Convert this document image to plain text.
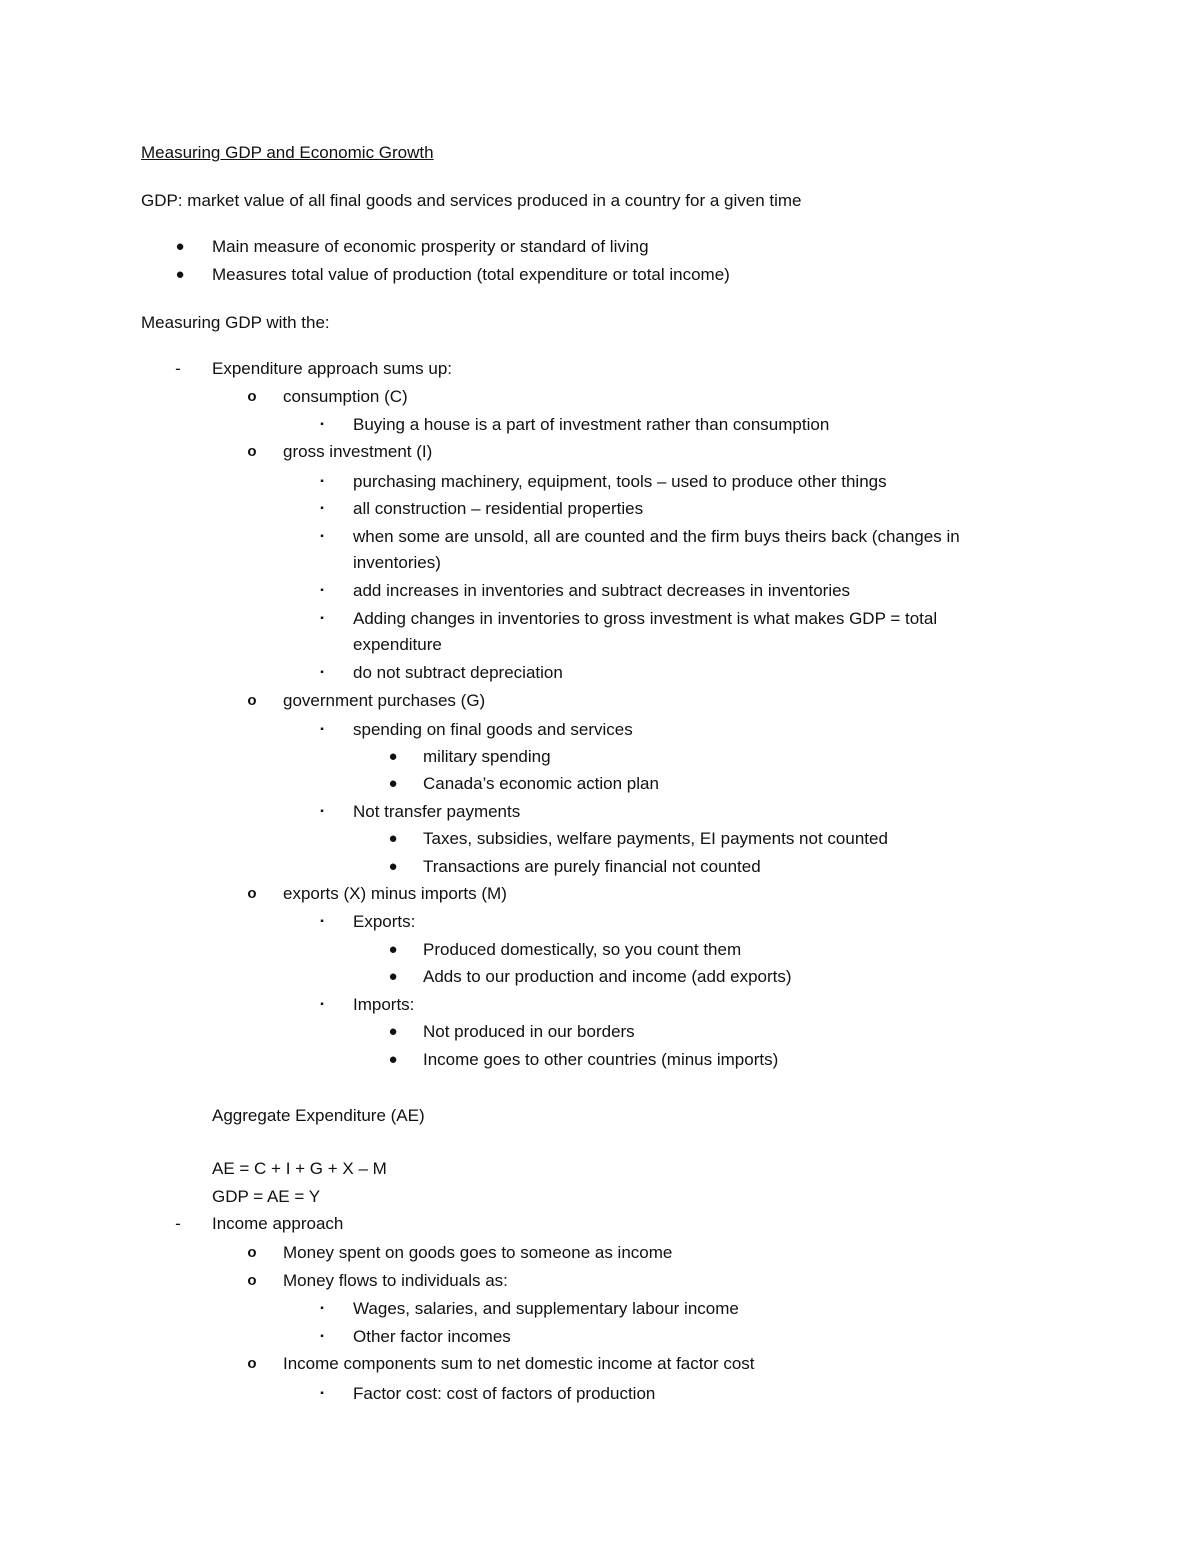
Measuring GDP and Economic Growth
GDP: market value of all final goods and services produced in a country for a given time
●	Main measure of economic prosperity or standard of living
●	Measures total value of production (total expenditure or total income)
Measuring GDP with the:
-	Expenditure approach sums up:
o	consumption (C)
▪	Buying a house is a part of investment rather than consumption
o	gross investment (I)
▪	purchasing machinery, equipment, tools – used to produce other things
▪	all construction – residential properties
▪	when some are unsold, all are counted and the firm buys theirs back (changes in
inventories)
▪	add increases in inventories and subtract decreases in inventories
▪	Adding changes in inventories to gross investment is what makes GDP = total
expenditure
▪	do not subtract depreciation
o	government purchases (G)
▪	spending on final goods and services
●	military spending
●	Canada’s economic action plan
▪	Not transfer payments
●	Taxes, subsidies, welfare payments, EI payments not counted
●	Transactions are purely financial not counted
o	exports (X) minus imports (M)
▪	Exports:
●	Produced domestically, so you count them
●	Adds to our production and income (add exports)
▪	Imports:
●	Not produced in our borders
●	Income goes to other countries (minus imports)
Aggregate Expenditure (AE)
AE = C + I + G + X – M
GDP = AE = Y
-	Income approach
o	Money spent on goods goes to someone as income
o	Money flows to individuals as:
▪	Wages, salaries, and supplementary labour income
▪	Other factor incomes
o	Income components sum to net domestic income at factor cost
▪	Factor cost: cost of factors of production
